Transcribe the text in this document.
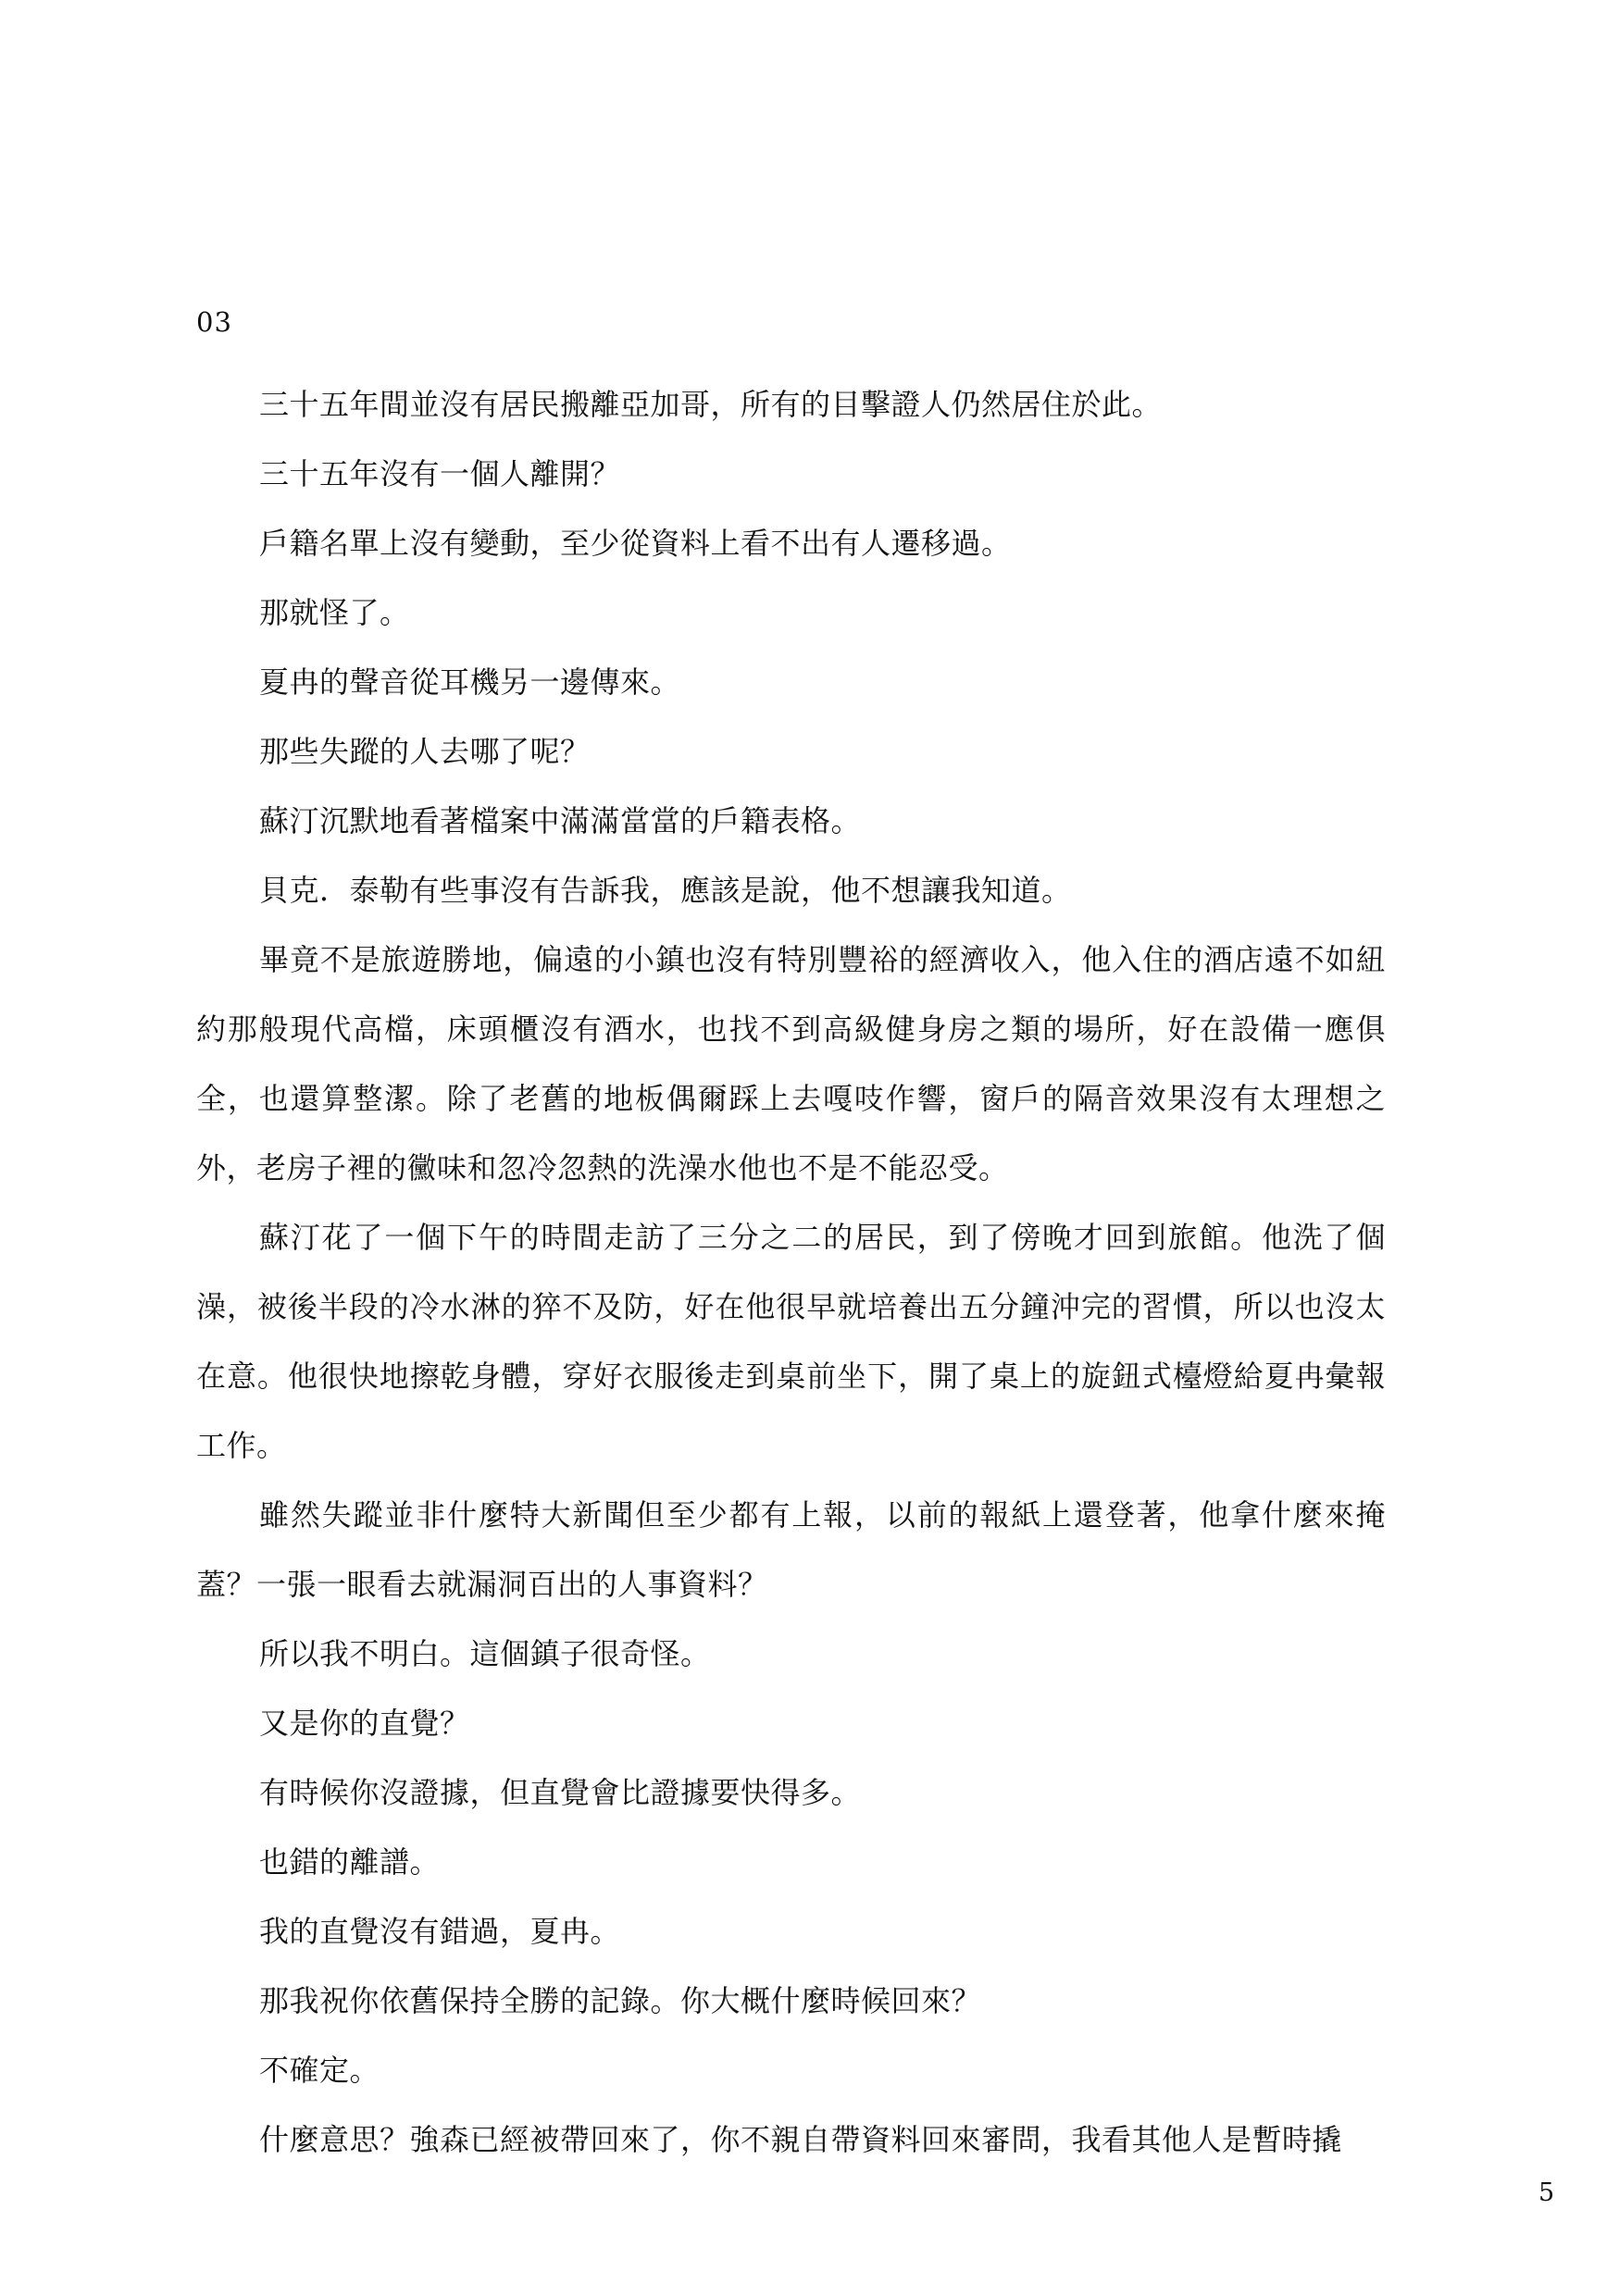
03

三十五年間並沒有居民搬離亞加哥，所有的目擊證人仍然居住於此。

三十五年沒有一個人離開？

戶籍名單上沒有變動，至少從資料上看不出有人遷移過。

那就怪了。

夏冉的聲音從耳機另一邊傳來。

那些失蹤的人去哪了呢？

蘇汀沉默地看著檔案中滿滿當當的戶籍表格。

貝克．泰勒有些事沒有告訴我，應該是說，他不想讓我知道。

畢竟不是旅遊勝地，偏遠的小鎮也沒有特別豐裕的經濟收入，他入住的酒店遠不如紐約那般現代高檔，床頭櫃沒有酒水，也找不到高級健身房之類的場所，好在設備一應俱全，也還算整潔。除了老舊的地板偶爾踩上去嘎吱作響，窗戶的隔音效果沒有太理想之外，老房子裡的黴味和忽冷忽熱的洗澡水他也不是不能忍受。

蘇汀花了一個下午的時間走訪了三分之二的居民，到了傍晚才回到旅館。他洗了個澡，被後半段的冷水淋的猝不及防，好在他很早就培養出五分鐘沖完的習慣，所以也沒太在意。他很快地擦乾身體，穿好衣服後走到桌前坐下，開了桌上的旋鈕式檯燈給夏冉彙報工作。

雖然失蹤並非什麼特大新聞但至少都有上報，以前的報紙上還登著，他拿什麼來掩蓋？一張一眼看去就漏洞百出的人事資料？

所以我不明白。這個鎮子很奇怪。

又是你的直覺？

有時候你沒證據，但直覺會比證據要快得多。

也錯的離譜。

我的直覺沒有錯過，夏冉。

那我祝你依舊保持全勝的記錄。你大概什麼時候回來？

不確定。

什麼意思？強森已經被帶回來了，你不親自帶資料回來審問，我看其他人是暫時撬

5
